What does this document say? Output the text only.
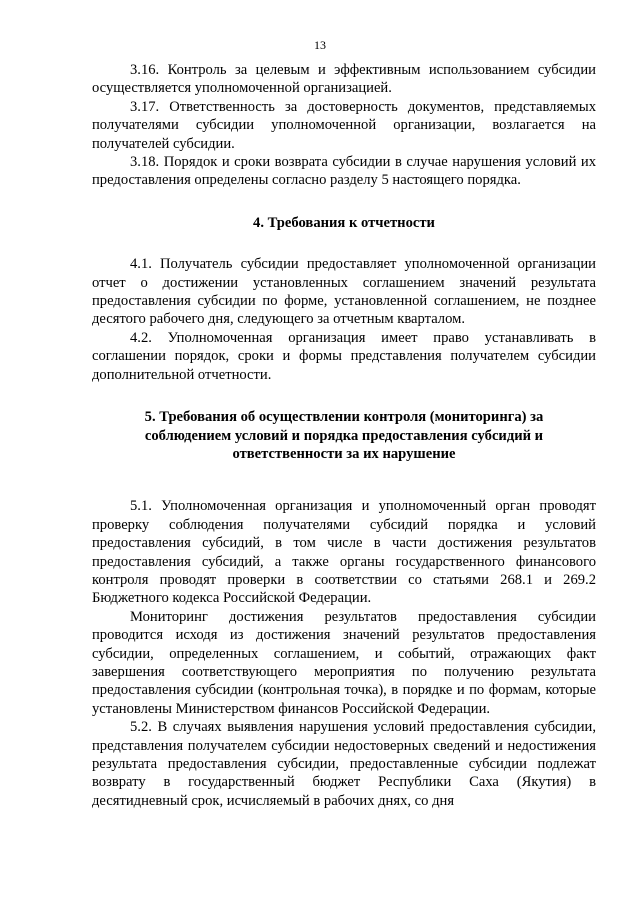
13

3.16. Контроль за целевым и эффективным использованием субсидии осуществляется уполномоченной организацией.

3.17. Ответственность за достоверность документов, представляемых получателями субсидии уполномоченной организации, возлагается на получателей субсидии.

3.18. Порядок и сроки возврата субсидии в случае нарушения условий их предоставления определены согласно разделу 5 настоящего порядка.

4. Требования к отчетности

4.1. Получатель субсидии предоставляет уполномоченной организации отчет о достижении установленных соглашением значений результата предоставления субсидии по форме, установленной соглашением, не позднее десятого рабочего дня, следующего за отчетным кварталом.

4.2. Уполномоченная организация имеет право устанавливать в соглашении порядок, сроки и формы представления получателем субсидии дополнительной отчетности.

5. Требования об осуществлении контроля (мониторинга) за
соблюдением условий и порядка предоставления субсидий и
ответственности за их нарушение

5.1. Уполномоченная организация и уполномоченный орган проводят проверку соблюдения получателями субсидий порядка и условий предоставления субсидий, в том числе в части достижения результатов предоставления субсидий, а также органы государственного финансового контроля проводят проверки в соответствии со статьями 268.1 и 269.2 Бюджетного кодекса Российской Федерации.

Мониторинг достижения результатов предоставления субсидии проводится исходя из достижения значений результатов предоставления субсидии, определенных соглашением, и событий, отражающих факт завершения соответствующего мероприятия по получению результата предоставления субсидии (контрольная точка), в порядке и по формам, которые установлены Министерством финансов Российской Федерации.

5.2. В случаях выявления нарушения условий предоставления субсидии, представления получателем субсидии недостоверных сведений и недостижения результата предоставления субсидии, предоставленные субсидии подлежат возврату в государственный бюджет Республики Саха (Якутия) в десятидневный срок, исчисляемый в рабочих днях, со дня
